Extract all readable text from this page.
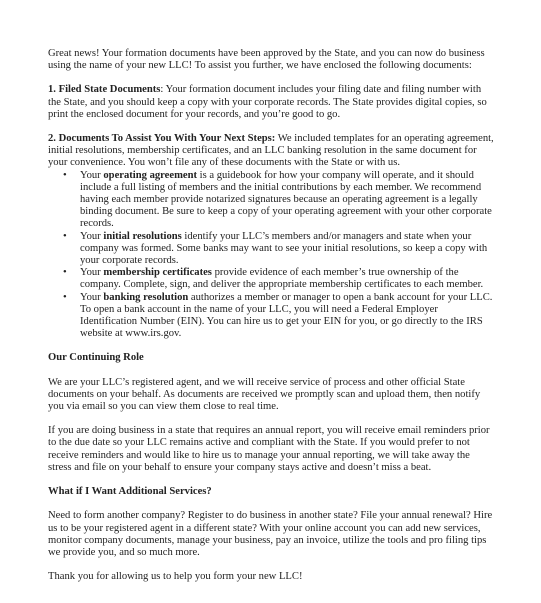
Great news! Your formation documents have been approved by the State, and you can now do business using the name of your new LLC! To assist you further, we have enclosed the following documents:

1. Filed State Documents: Your formation document includes your filing date and filing number with the State, and you should keep a copy with your corporate records. The State provides digital copies, so print the enclosed document for your records, and you’re good to go.

2. Documents To Assist You With Your Next Steps: We included templates for an operating agreement, initial resolutions, membership certificates, and an LLC banking resolution in the same document for your convenience. You won’t file any of these documents with the State or with us.

• Your operating agreement is a guidebook for how your company will operate, and it should include a full listing of members and the initial contributions by each member. We recommend having each member provide notarized signatures because an operating agreement is a legally binding document. Be sure to keep a copy of your operating agreement with your other corporate records.
• Your initial resolutions identify your LLC’s members and/or managers and state when your company was formed. Some banks may want to see your initial resolutions, so keep a copy with your corporate records.
• Your membership certificates provide evidence of each member’s true ownership of the company. Complete, sign, and deliver the appropriate membership certificates to each member.
• Your banking resolution authorizes a member or manager to open a bank account for your LLC. To open a bank account in the name of your LLC, you will need a Federal Employer Identification Number (EIN). You can hire us to get your EIN for you, or go directly to the IRS website at www.irs.gov.
Our Continuing Role

We are your LLC’s registered agent, and we will receive service of process and other official State documents on your behalf. As documents are received we promptly scan and upload them, then notify you via email so you can view them close to real time.

If you are doing business in a state that requires an annual report, you will receive email reminders prior to the due date so your LLC remains active and compliant with the State. If you would prefer to not receive reminders and would like to hire us to manage your annual reporting, we will take away the stress and file on your behalf to ensure your company stays active and doesn’t miss a beat.

What if I Want Additional Services?

Need to form another company? Register to do business in another state? File your annual renewal? Hire us to be your registered agent in a different state? With your online account you can add new services, monitor company documents, manage your business, pay an invoice, utilize the tools and pro filing tips we provide you, and so much more.

Thank you for allowing us to help you form your new LLC!
